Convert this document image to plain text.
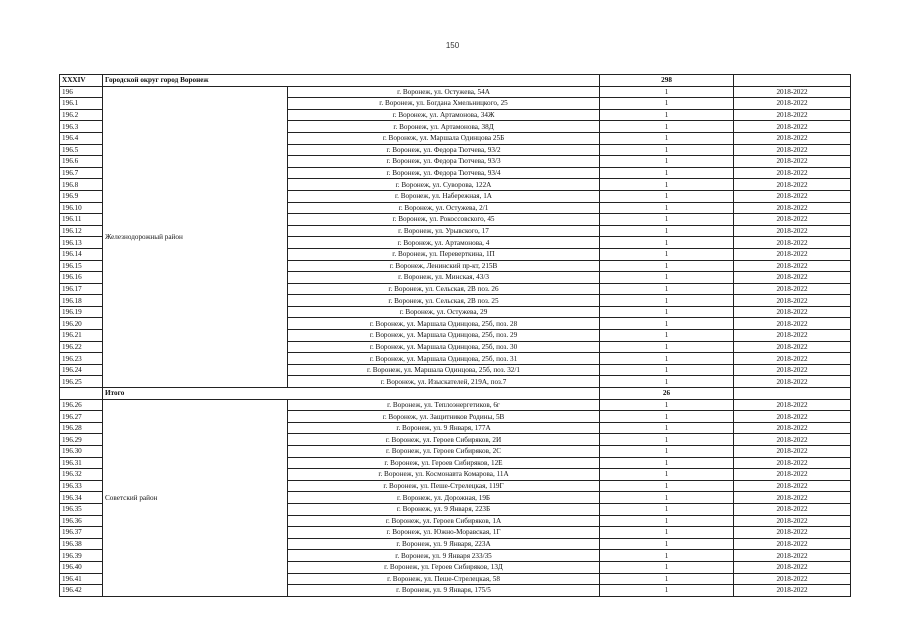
150
XXXIV	Городской округ город Воронеж		298	
196	Железнодорожный район	г. Воронеж, ул. Остужева, 54А	1	2018-2022
196.1		г. Воронеж, ул. Богдана Хмельницкого, 25	1	2018-2022
196.2		г. Воронеж, ул. Артамонова, 34Ж	1	2018-2022
196.3		г. Воронеж, ул. Артамонова, 38Д	1	2018-2022
196.4		г. Воронеж, ул. Маршала Одинцова 25Б	1	2018-2022
196.5		г. Воронеж, ул. Федора Тютчева, 93/2	1	2018-2022
196.6		г. Воронеж, ул. Федора Тютчева, 93/3	1	2018-2022
196.7		г. Воронеж, ул. Федора Тютчева, 93/4	1	2018-2022
196.8		г. Воронеж, ул. Суворова, 122А	1	2018-2022
196.9		г. Воронеж, ул. Набережная, 1А	1	2018-2022
196.10		г. Воронеж, ул. Остужева, 2/1	1	2018-2022
196.11		г. Воронеж, ул. Рокоссовского, 45	1	2018-2022
196.12		г. Воронеж, ул. Урывского, 17	1	2018-2022
196.13		г. Воронеж, ул. Артамонова, 4	1	2018-2022
196.14		г. Воронеж, ул. Переверткина, 1П	1	2018-2022
196.15		г. Воронеж, Ленинский пр-кт, 215В	1	2018-2022
196.16		г. Воронеж, ул. Минская, 43/3	1	2018-2022
196.17		г. Воронеж, ул. Сельская, 2В поз. 26	1	2018-2022
196.18		г. Воронеж, ул. Сельская, 2В поз. 25	1	2018-2022
196.19		г. Воронеж, ул. Остужева, 29	1	2018-2022
196.20		г. Воронеж, ул. Маршала Одинцова, 25б, поз. 28	1	2018-2022
196.21		г. Воронеж, ул. Маршала Одинцова, 25б, поз. 29	1	2018-2022
196.22		г. Воронеж, ул. Маршала Одинцова, 25б, поз. 30	1	2018-2022
196.23		г. Воронеж, ул. Маршала Одинцова, 25б, поз. 31	1	2018-2022
196.24		г. Воронеж, ул. Маршала Одинцова, 25б, поз. 32/1	1	2018-2022
196.25		г. Воронеж, ул. Изыскателей, 219А, поз.7	1	2018-2022
	Итого		26	
196.26	Советский район	г. Воронеж, ул. Теплоэнергетиков, 6г	1	2018-2022
196.27		г. Воронеж, ул. Защитников Родины, 5В	1	2018-2022
196.28		г. Воронеж, ул. 9 Января, 177А	1	2018-2022
196.29		г. Воронеж, ул. Героев Сибиряков, 2И	1	2018-2022
196.30		г. Воронеж, ул. Героев Сибиряков, 2С	1	2018-2022
196.31		г. Воронеж, ул. Героев Сибиряков, 12Е	1	2018-2022
196.32		г. Воронеж, ул. Космонавта Комарова, 11А	1	2018-2022
196.33		г. Воронеж, ул. Пеше-Стрелецкая, 119Г	1	2018-2022
196.34		г. Воронеж, ул. Дорожная, 19Б	1	2018-2022
196.35		г. Воронеж, ул. 9 Января, 223Б	1	2018-2022
196.36		г. Воронеж, ул. Героев Сибиряков, 1А	1	2018-2022
196.37		г. Воронеж, ул. Южно-Моравская, 1Г	1	2018-2022
196.38		г. Воронеж, ул. 9 Января, 223А	1	2018-2022
196.39		г. Воронеж, ул. 9 Января 233/35	1	2018-2022
196.40		г. Воронеж, ул. Героев Сибиряков, 13Д	1	2018-2022
196.41		г. Воронеж, ул. Пеше-Стрелецкая, 58	1	2018-2022
196.42		г. Воронеж, ул. 9 Января, 175/5	1	2018-2022
